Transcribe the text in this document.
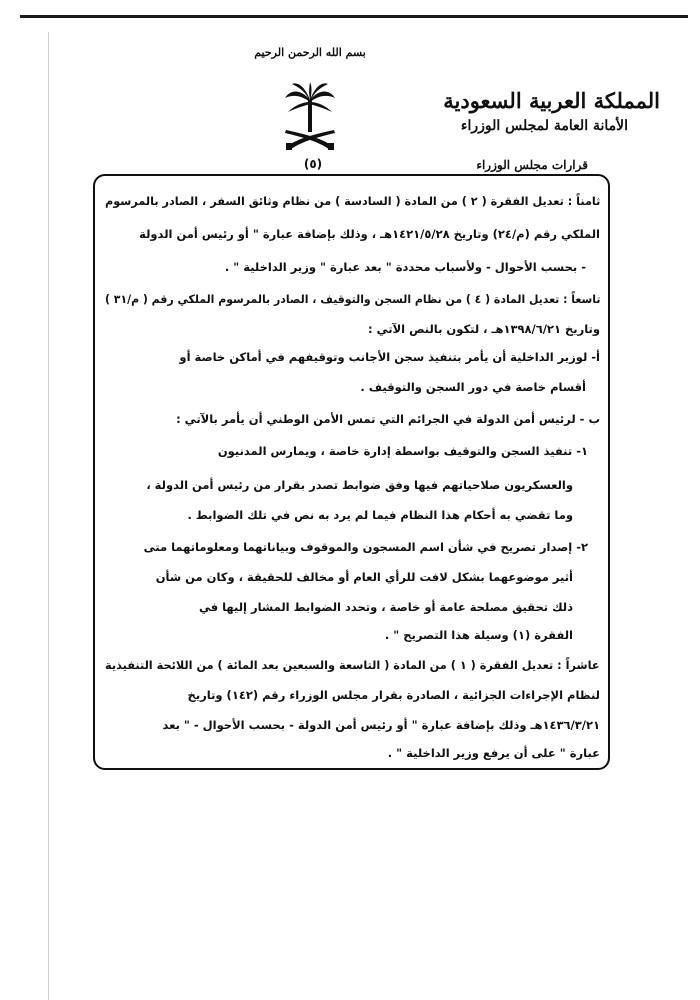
بسم الله الرحمن الرحيم
المملكة العربية السعودية
الأمانة العامة لمجلس الوزراء
قرارات مجلس الوزراء
(٥)
ثامناً : تعديل الفقرة ( ٢ ) من المادة ( السادسة ) من نظام وثائق السفر ، الصادر بالمرسوم
الملكي رقم (م/٢٤) وتاريخ ١٤٢١/٥/٢٨هـ ، وذلك بإضافة عبارة " أو رئيس أمن الدولة
- بحسب الأحوال - ولأسباب محددة " بعد عبارة " وزير الداخلية " .
تاسعاً : تعديل المادة ( ٤ ) من نظام السجن والتوقيف ، الصادر بالمرسوم الملكي رقم ( م/٣١ )
وتاريخ ١٣٩٨/٦/٢١هـ ، لتكون بالنص الآتي :
أ- لوزير الداخلية أن يأمر بتنفيذ سجن الأجانب وتوقيفهم في أماكن خاصة أو
أقسام خاصة في دور السجن والتوقيف .
ب - لرئيس أمن الدولة في الجرائم التي تمس الأمن الوطني أن يأمر بالآتي :
١- تنفيذ السجن والتوقيف بواسطة إدارة خاصة ، ويمارس المدنيون
والعسكريون صلاحياتهم فيها وفق ضوابط تصدر بقرار من رئيس أمن الدولة ،
وما تقضي به أحكام هذا النظام فيما لم يرد به نص في تلك الضوابط .
٢- إصدار تصريح في شأن اسم المسجون والموقوف وبياناتهما ومعلوماتهما متى
أثير موضوعهما بشكل لافت للرأي العام أو مخالف للحقيقة ، وكان من شأن
ذلك تحقيق مصلحة عامة أو خاصة ، وتحدد الضوابط المشار إليها في
الفقرة (١) وسيلة هذا التصريح " .
عاشراً : تعديل الفقرة ( ١ ) من المادة ( التاسعة والسبعين بعد المائة ) من اللائحة التنفيذية
لنظام الإجراءات الجزائية ، الصادرة بقرار مجلس الوزراء رقم (١٤٢) وتاريخ
١٤٣٦/٣/٢١هـ وذلك بإضافة عبارة " أو رئيس أمن الدولة - بحسب الأحوال - " بعد
عبارة " على أن يرفع وزير الداخلية " .
